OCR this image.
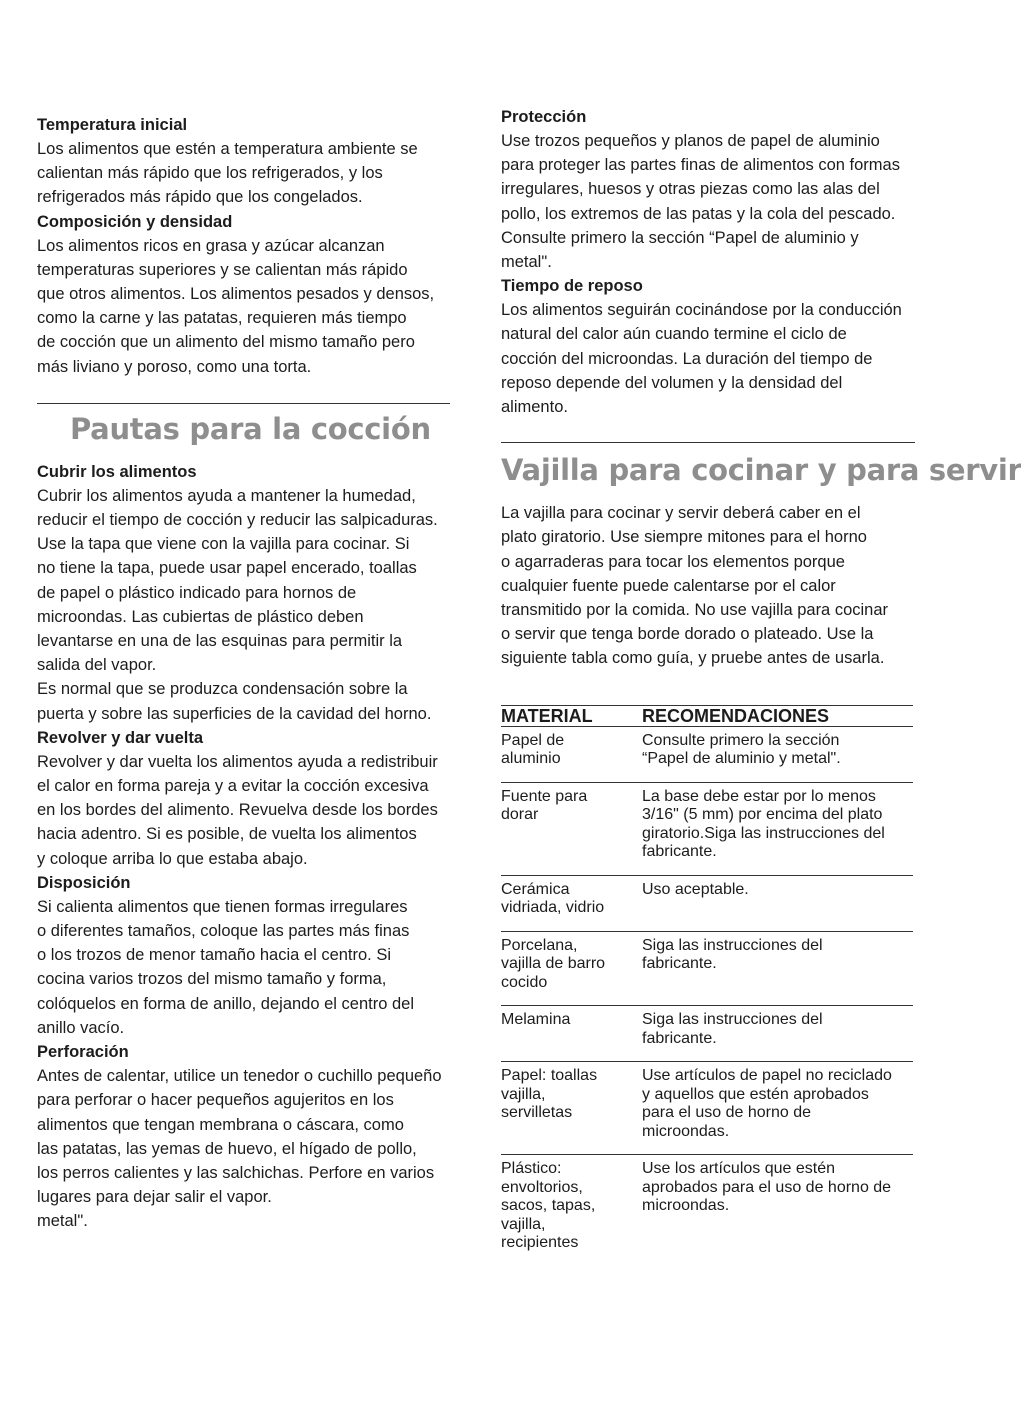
Temperatura inicial

Los alimentos que estén a temperatura ambiente se
calientan más rápido que los refrigerados, y los
refrigerados más rápido que los congelados.

Composición y densidad

Los alimentos ricos en grasa y azúcar alcanzan
temperaturas superiores y se calientan más rápido
que otros alimentos. Los alimentos pesados y densos,
como la carne y las patatas, requieren más tiempo
de cocción que un alimento del mismo tamaño pero
más liviano y poroso, como una torta.

Pautas para la cocción

Cubrir los alimentos

Cubrir los alimentos ayuda a mantener la humedad,
reducir el tiempo de cocción y reducir las salpicaduras.
Use la tapa que viene con la vajilla para cocinar. Si
no tiene la tapa, puede usar papel encerado, toallas
de papel o plástico indicado para hornos de
microondas. Las cubiertas de plástico deben
levantarse en una de las esquinas para permitir la
salida del vapor.
Es normal que se produzca condensación sobre la
puerta y sobre las superficies de la cavidad del horno.

Revolver y dar vuelta

Revolver y dar vuelta los alimentos ayuda a redistribuir
el calor en forma pareja y a evitar la cocción excesiva
en los bordes del alimento. Revuelva desde los bordes
hacia adentro. Si es posible, de vuelta los alimentos
y coloque arriba lo que estaba abajo.

Disposición

Si calienta alimentos que tienen formas irregulares
o diferentes tamaños, coloque las partes más finas
o los trozos de menor tamaño hacia el centro. Si
cocina varios trozos del mismo tamaño y forma,
colóquelos en forma de anillo, dejando el centro del
anillo vacío.

Perforación

Antes de calentar, utilice un tenedor o cuchillo pequeño
para perforar o hacer pequeños agujeritos en los
alimentos que tengan membrana o cáscara, como
las patatas, las yemas de huevo, el hígado de pollo,
los perros calientes y las salchichas. Perfore en varios
lugares para dejar salir el vapor.
metal".

Protección

Use trozos pequeños y planos de papel de aluminio
para proteger las partes finas de alimentos con formas
irregulares, huesos y otras piezas como las alas del
pollo, los extremos de las patas y la cola del pescado.
Consulte primero la sección “Papel de aluminio y
metal".

Tiempo de reposo

Los alimentos seguirán cocinándose por la conducción
natural del calor aún cuando termine el ciclo de
cocción del microondas. La duración del tiempo de
reposo depende del volumen y la densidad del
alimento.

Vajilla para cocinar y para servir

La vajilla para cocinar y servir deberá caber en el
plato giratorio. Use siempre mitones para el horno
o agarraderas para tocar los elementos porque
cualquier fuente puede calentarse por el calor
transmitido por la comida. No use vajilla para cocinar
o servir que tenga borde dorado o plateado. Use la
siguiente tabla como guía, y pruebe antes de usarla.

MATERIAL	RECOMENDACIONES
Papel de
aluminio	Consulte primero la sección
“Papel de aluminio y metal".
Fuente para
dorar	La base debe estar por lo menos
3/16" (5 mm) por encima del plato
giratorio.Siga las instrucciones del
fabricante.
Cerámica
vidriada, vidrio	Uso aceptable.
Porcelana,
vajilla de barro
cocido	Siga las instrucciones del
fabricante.
Melamina	Siga las instrucciones del
fabricante.
Papel: toallas
vajilla,
servilletas	Use artículos de papel no reciclado
y aquellos que estén aprobados
para el uso de horno de
microondas.
Plástico:
envoltorios,
sacos, tapas,
vajilla,
recipientes	Use los artículos que estén
aprobados para el uso de horno de
microondas.
